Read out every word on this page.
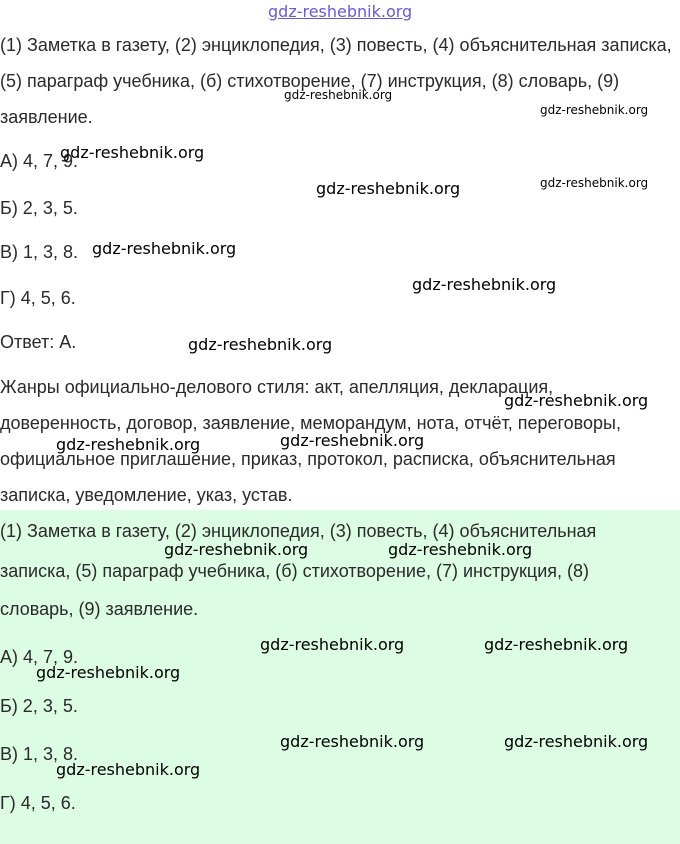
(1) Заметка в газету, (2) энциклопедия, (3) повесть, (4) объяснительная записка,
(5) параграф учебника, (б) стихотворение, (7) инструкция, (8) словарь, (9)
заявление.
А) 4, 7, 9.
Б) 2, 3, 5.
В) 1, 3, 8.
Г) 4, 5, 6.
Ответ: А.
Жанры официально-делового стиля: акт, апелляция, декларация,
доверенность, договор, заявление, меморандум, нота, отчёт, переговоры,
официальное приглашение, приказ, протокол, расписка, объяснительная
записка, уведомление, указ, устав.
(1) Заметка в газету, (2) энциклопедия, (3) повесть, (4) объяснительная
записка, (5) параграф учебника, (б) стихотворение, (7) инструкция, (8)
словарь, (9) заявление.
А) 4, 7, 9.
Б) 2, 3, 5.
В) 1, 3, 8.
Г) 4, 5, 6.
gdz-reshebnik.org
gdz-reshebnik.org
gdz-reshebnik.org
gdz-reshebnik.org
gdz-reshebnik.org	gdz-reshebnik.org
gdz-reshebnik.org
gdz-reshebnik.org
gdz-reshebnik.org
gdz-reshebnik.org
gdz-reshebnik.org	gdz-reshebnik.org
gdz-reshebnik.org	gdz-reshebnik.org
gdz-reshebnik.org	gdz-reshebnik.org
gdz-reshebnik.org
gdz-reshebnik.org	gdz-reshebnik.org
gdz-reshebnik.org
